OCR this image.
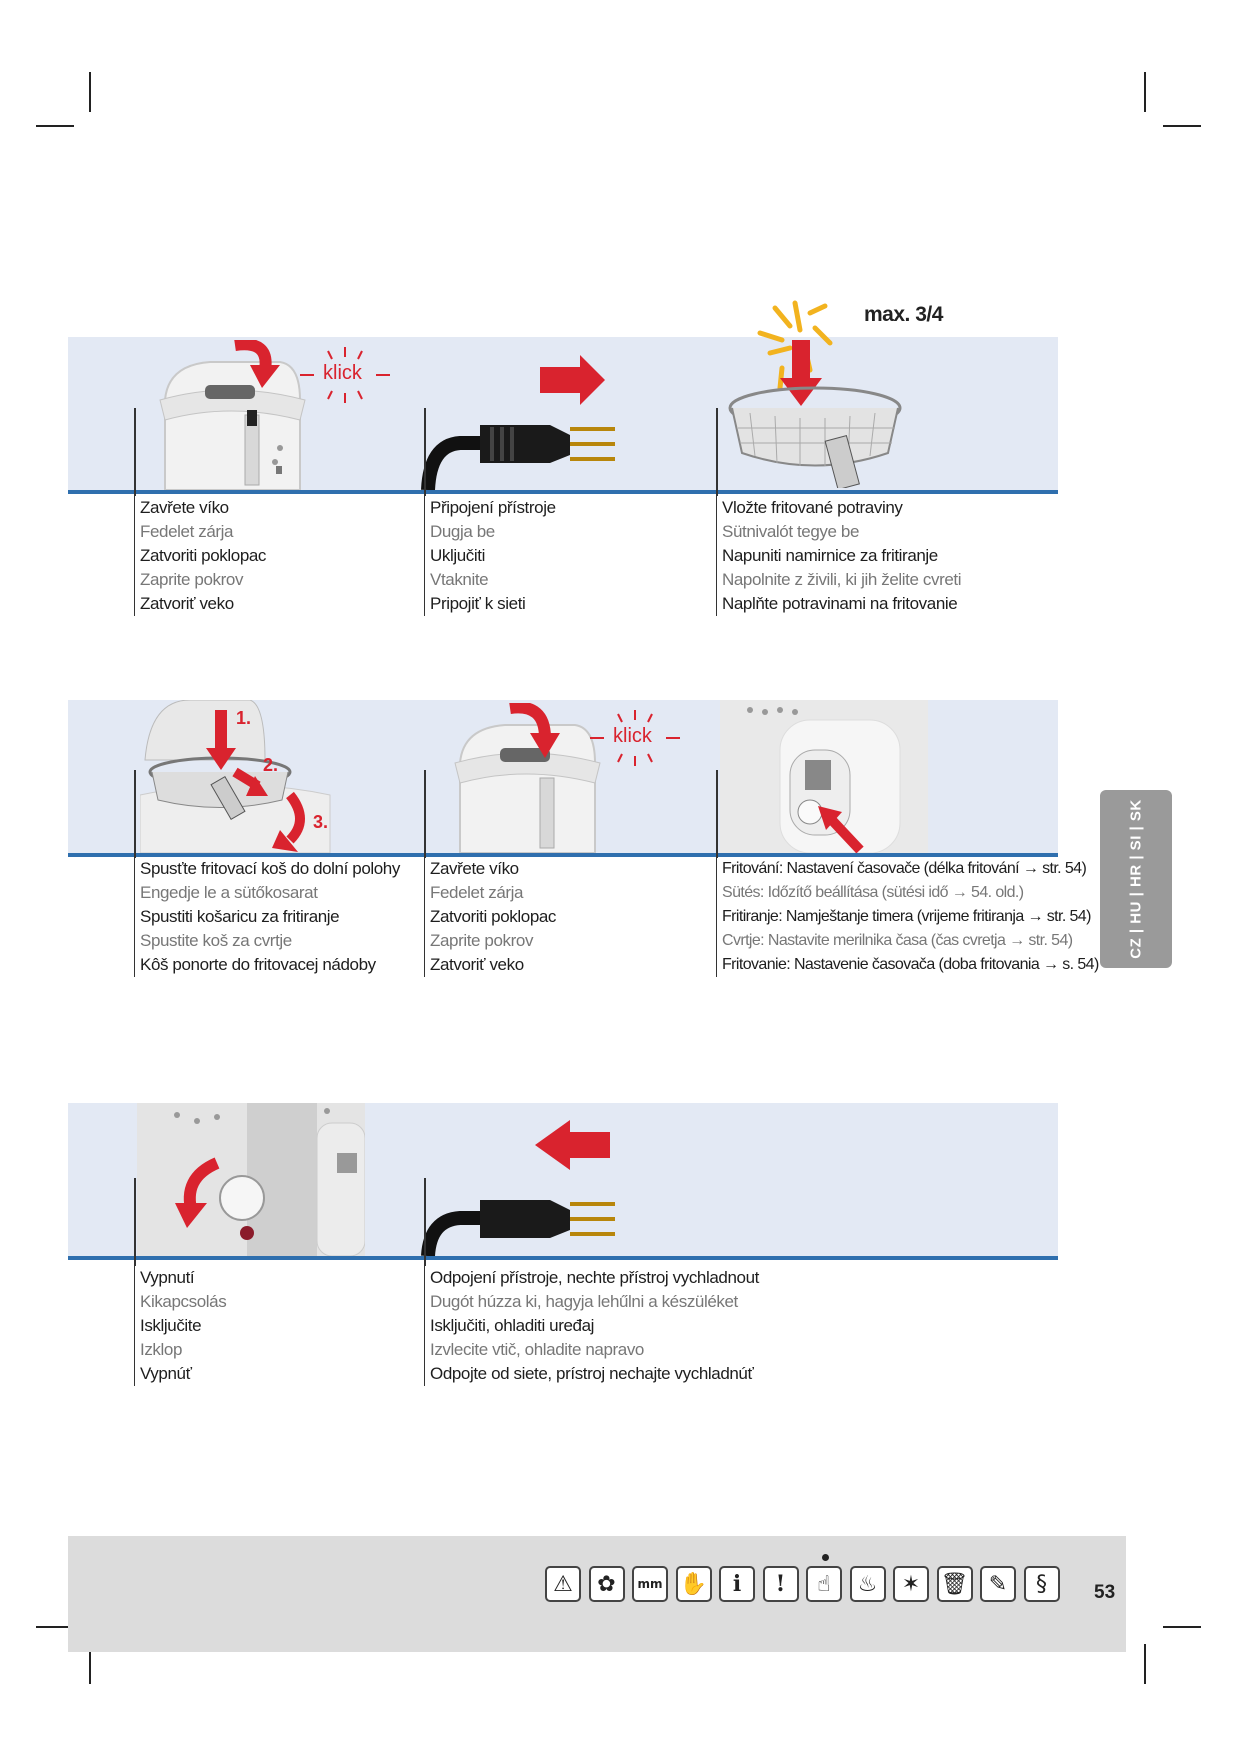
klick
max. 3/4
Zavřete víko
Fedelet zárja
Zatvoriti poklopac
Zaprite pokrov
Zatvoriť veko
Připojení přístroje
Dugja be
Uključiti
Vtaknite
Pripojiť k sieti
Vložte fritované potraviny
Sütnivalót tegye be
Napuniti namirnice za fritiranje
Napolnite z živili, ki jih želite cvreti
Naplňte potravinami na fritovanie
1.
2.
3.
klick
Spusťte fritovací koš do dolní polohy
Engedje le a sütőkosarat
Spustiti košaricu za fritiranje
Spustite koš za cvrtje
Kôš ponorte do fritovacej nádoby
Zavřete víko
Fedelet zárja
Zatvoriti poklopac
Zaprite pokrov
Zatvoriť veko
Fritování: Nastavení časovače (délka fritování → str. 54)
Sütés: Időzítő beállítása (sütési idő → 54. old.)
Fritiranje: Namještanje timera (vrijeme fritiranja → str. 54)
Cvrtje: Nastavite merilnika časa (čas cvretja → str. 54)
Fritovanie: Nastavenie časovača (doba fritovania → s. 54)
Vypnutí
Kikapcsolás
Isključite
Izklop
Vypnúť
Odpojení přístroje, nechte přístroj vychladnout
Dugót húzza ki, hagyja lehűlni a készüléket
Isključiti, ohladiti uređaj
Izvlecite vtič, ohladite napravo
Odpojte od siete, prístroj nechajte vychladnúť
CZ | HU | HR | SI | SK
⚠	✿	mm ✋	i	!	☝	♨	✶ 🗑 ✎	§	53
